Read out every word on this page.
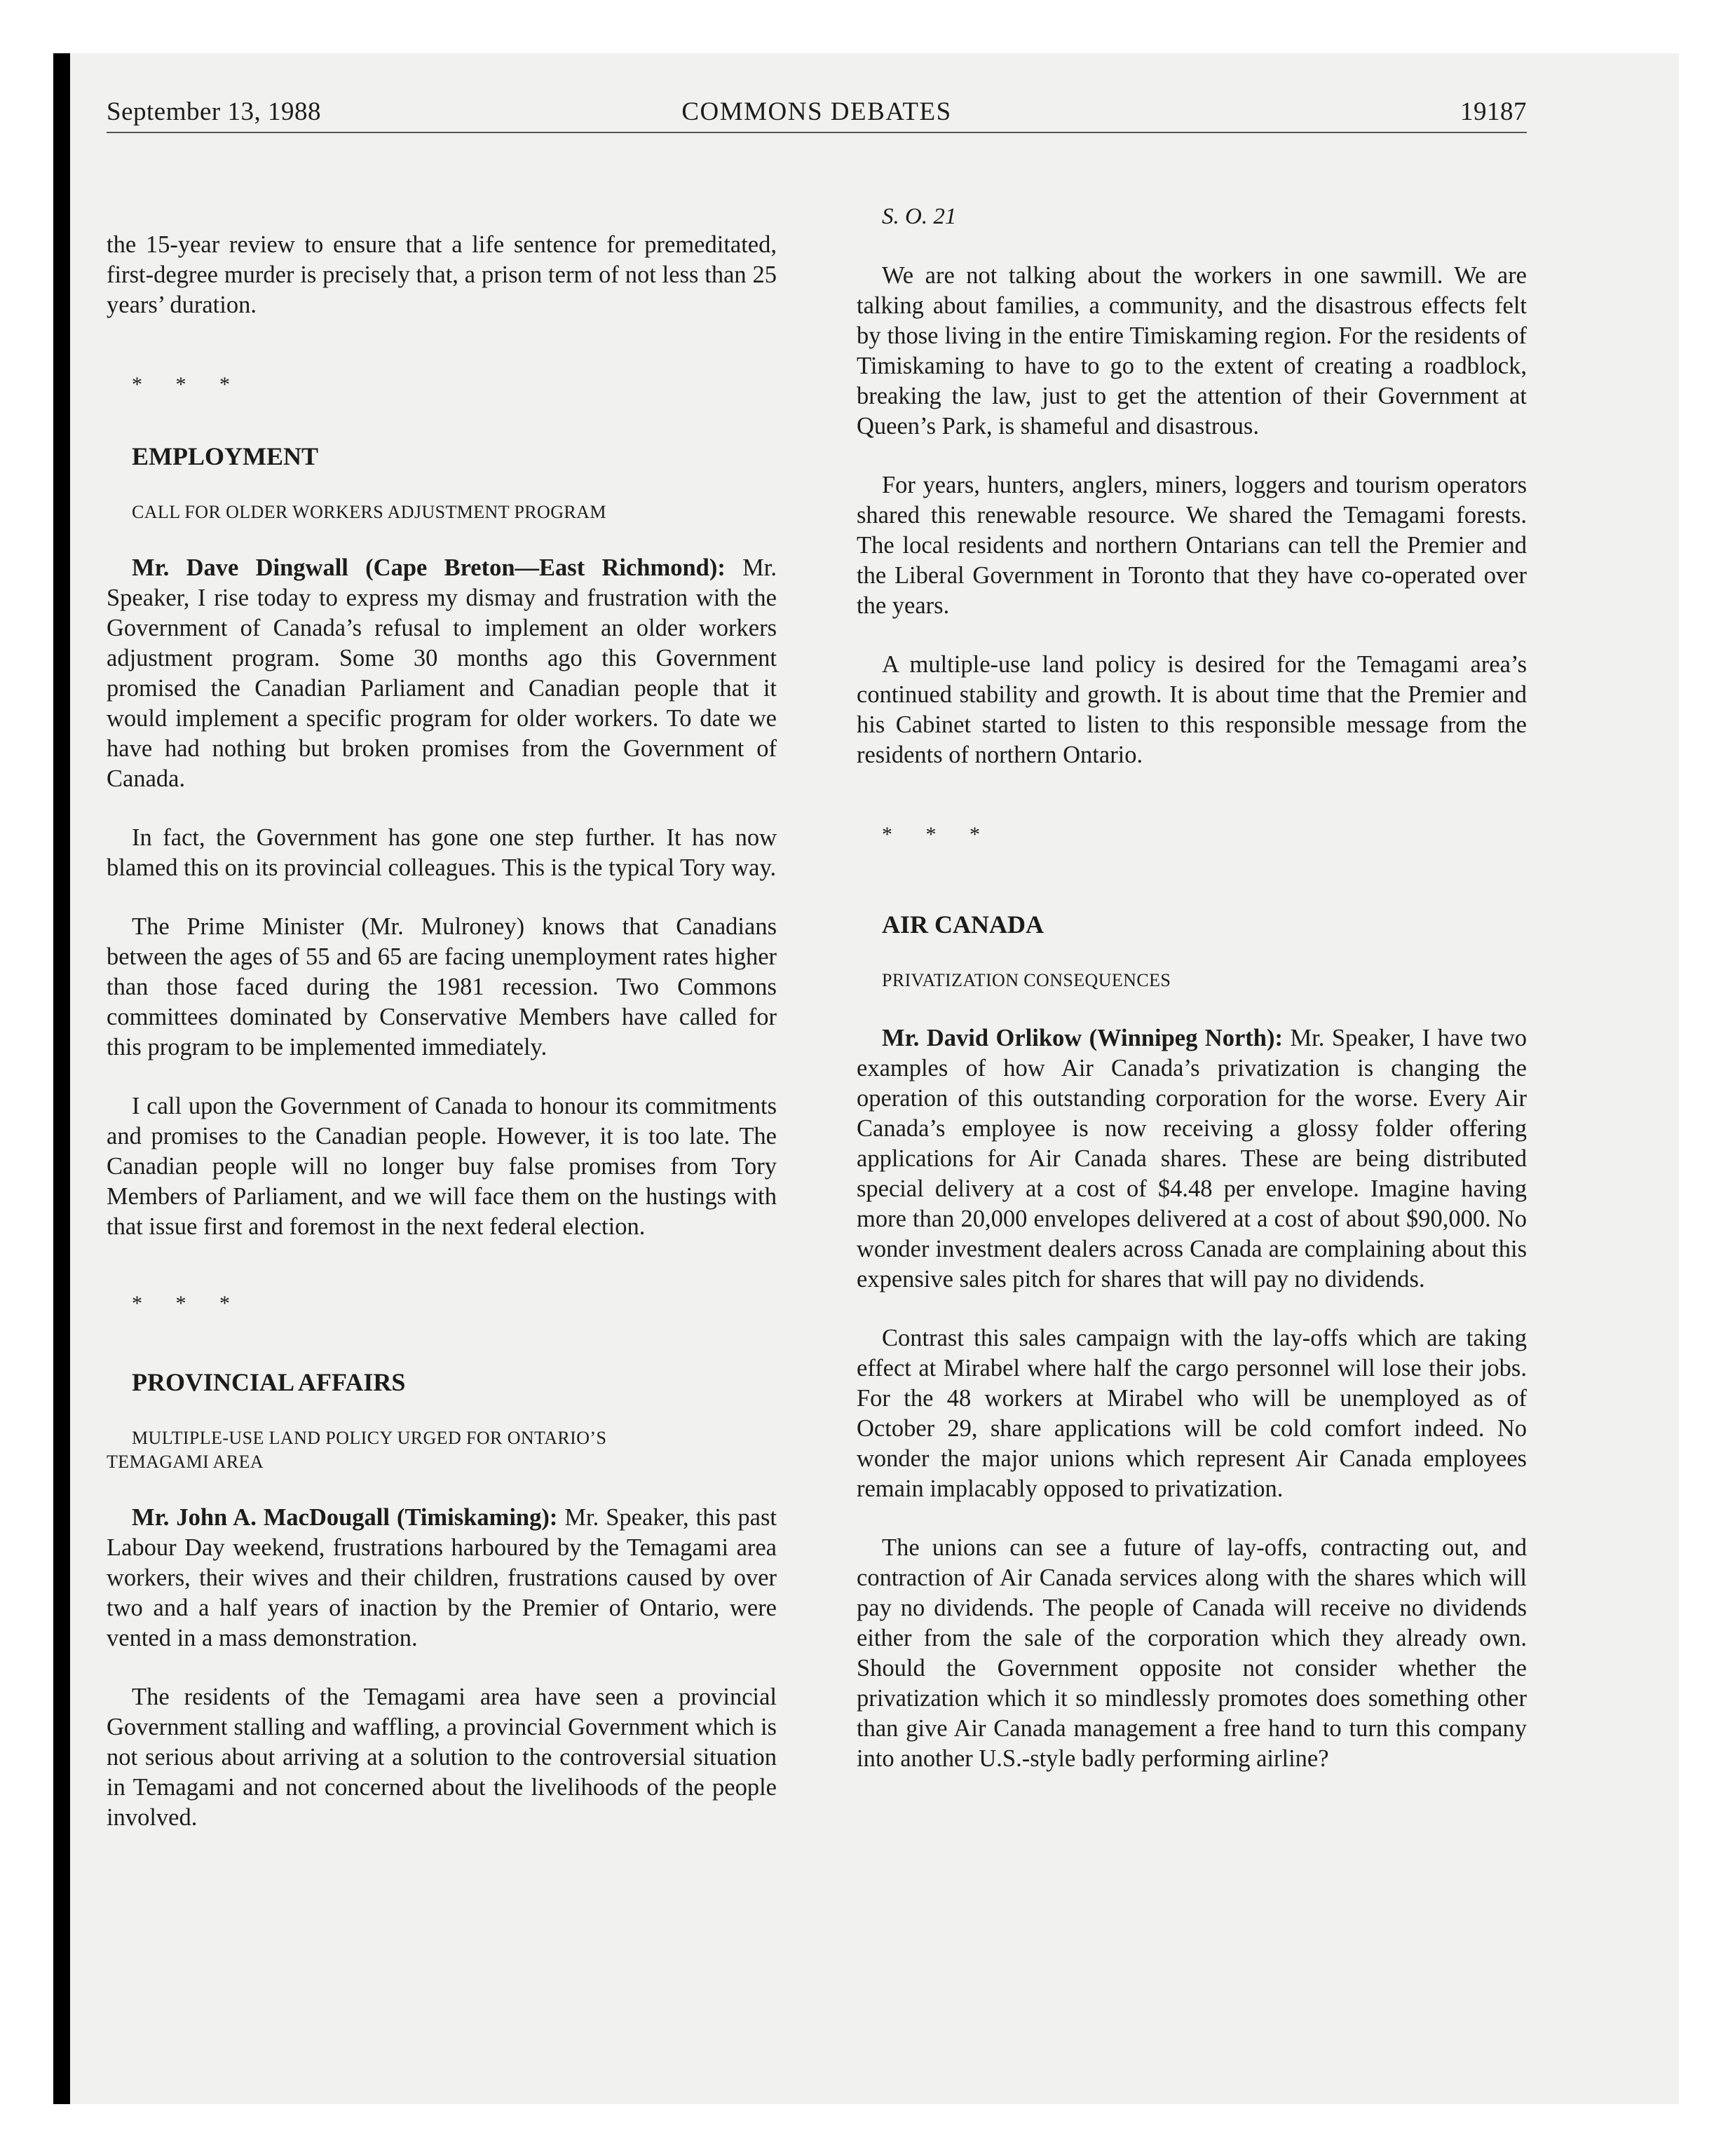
September 13, 1988	COMMONS DEBATES	19187

the 15-year review to ensure that a life sentence for premeditated, first-degree murder is precisely that, a prison term of not less than 25 years’ duration.

* * *

EMPLOYMENT

CALL FOR OLDER WORKERS ADJUSTMENT PROGRAM

Mr. Dave Dingwall (Cape Breton—East Richmond): Mr. Speaker, I rise today to express my dismay and frustration with the Government of Canada’s refusal to implement an older workers adjustment program. Some 30 months ago this Government promised the Canadian Parliament and Canadian people that it would implement a specific program for older workers. To date we have had nothing but broken promises from the Government of Canada.

In fact, the Government has gone one step further. It has now blamed this on its provincial colleagues. This is the typical Tory way.

The Prime Minister (Mr. Mulroney) knows that Canadians between the ages of 55 and 65 are facing unemployment rates higher than those faced during the 1981 recession. Two Commons committees dominated by Conservative Members have called for this program to be implemented immediately.

I call upon the Government of Canada to honour its commitments and promises to the Canadian people. However, it is too late. The Canadian people will no longer buy false promises from Tory Members of Parliament, and we will face them on the hustings with that issue first and foremost in the next federal election.

* * *

PROVINCIAL AFFAIRS

MULTIPLE-USE LAND POLICY URGED FOR ONTARIO’S
TEMAGAMI AREA

Mr. John A. MacDougall (Timiskaming): Mr. Speaker, this past Labour Day weekend, frustrations harboured by the Temagami area workers, their wives and their children, frustrations caused by over two and a half years of inaction by the Premier of Ontario, were vented in a mass demonstration.

The residents of the Temagami area have seen a provincial Government stalling and waffling, a provincial Government which is not serious about arriving at a solution to the controversial situation in Temagami and not concerned about the livelihoods of the people involved.

S. O. 21

We are not talking about the workers in one sawmill. We are talking about families, a community, and the disastrous effects felt by those living in the entire Timiskaming region. For the residents of Timiskaming to have to go to the extent of creating a roadblock, breaking the law, just to get the attention of their Government at Queen’s Park, is shameful and disastrous.

For years, hunters, anglers, miners, loggers and tourism operators shared this renewable resource. We shared the Temagami forests. The local residents and northern Ontarians can tell the Premier and the Liberal Government in Toronto that they have co-operated over the years.

A multiple-use land policy is desired for the Temagami area’s continued stability and growth. It is about time that the Premier and his Cabinet started to listen to this responsible message from the residents of northern Ontario.

* * *

AIR CANADA

PRIVATIZATION CONSEQUENCES

Mr. David Orlikow (Winnipeg North): Mr. Speaker, I have two examples of how Air Canada’s privatization is changing the operation of this outstanding corporation for the worse. Every Air Canada’s employee is now receiving a glossy folder offering applications for Air Canada shares. These are being distributed special delivery at a cost of $4.48 per envelope. Imagine having more than 20,000 envelopes delivered at a cost of about $90,000. No wonder investment dealers across Canada are complaining about this expensive sales pitch for shares that will pay no dividends.

Contrast this sales campaign with the lay-offs which are taking effect at Mirabel where half the cargo personnel will lose their jobs. For the 48 workers at Mirabel who will be unemployed as of October 29, share applications will be cold comfort indeed. No wonder the major unions which represent Air Canada employees remain implacably opposed to privatization.

The unions can see a future of lay-offs, contracting out, and contraction of Air Canada services along with the shares which will pay no dividends. The people of Canada will receive no dividends either from the sale of the corporation which they already own. Should the Government opposite not consider whether the privatization which it so mindlessly promotes does something other than give Air Canada management a free hand to turn this company into another U.S.-style badly performing airline?
